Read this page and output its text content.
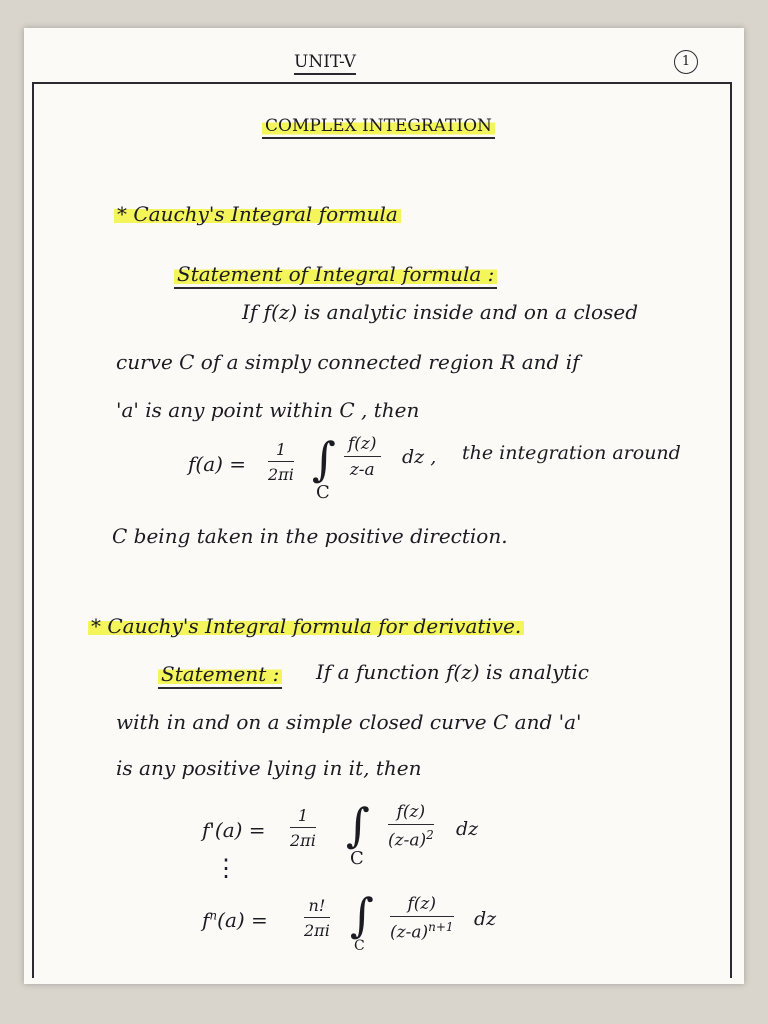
UNIT-V	1
COMPLEX INTEGRATION
* Cauchy's Integral formula
Statement of Integral formula :
If f(z) is analytic inside and on a closed
curve C of a simply connected region R and if
'a' is any point within C , then
$f(a) = \frac{1}{2\pi i}$ ∫
C
$\frac{f(z)}{z-a}$ dz , the integration around
C being taken in the positive direction.
* Cauchy's Integral formula for derivative.
Statement : If a function f(z) is analytic
with in and on a simple closed curve C and 'a'
is any positive lying in it, then
$f'(a) = \frac{1}{2\pi i}$ ∫
C
$\frac{f(z)}{(z-a)^2}$ dz
⋮
$f^n(a) = \frac{n!}{2\pi i}$ ∫
C
$\frac{f(z)}{(z-a)^{n+1}}$ dz
